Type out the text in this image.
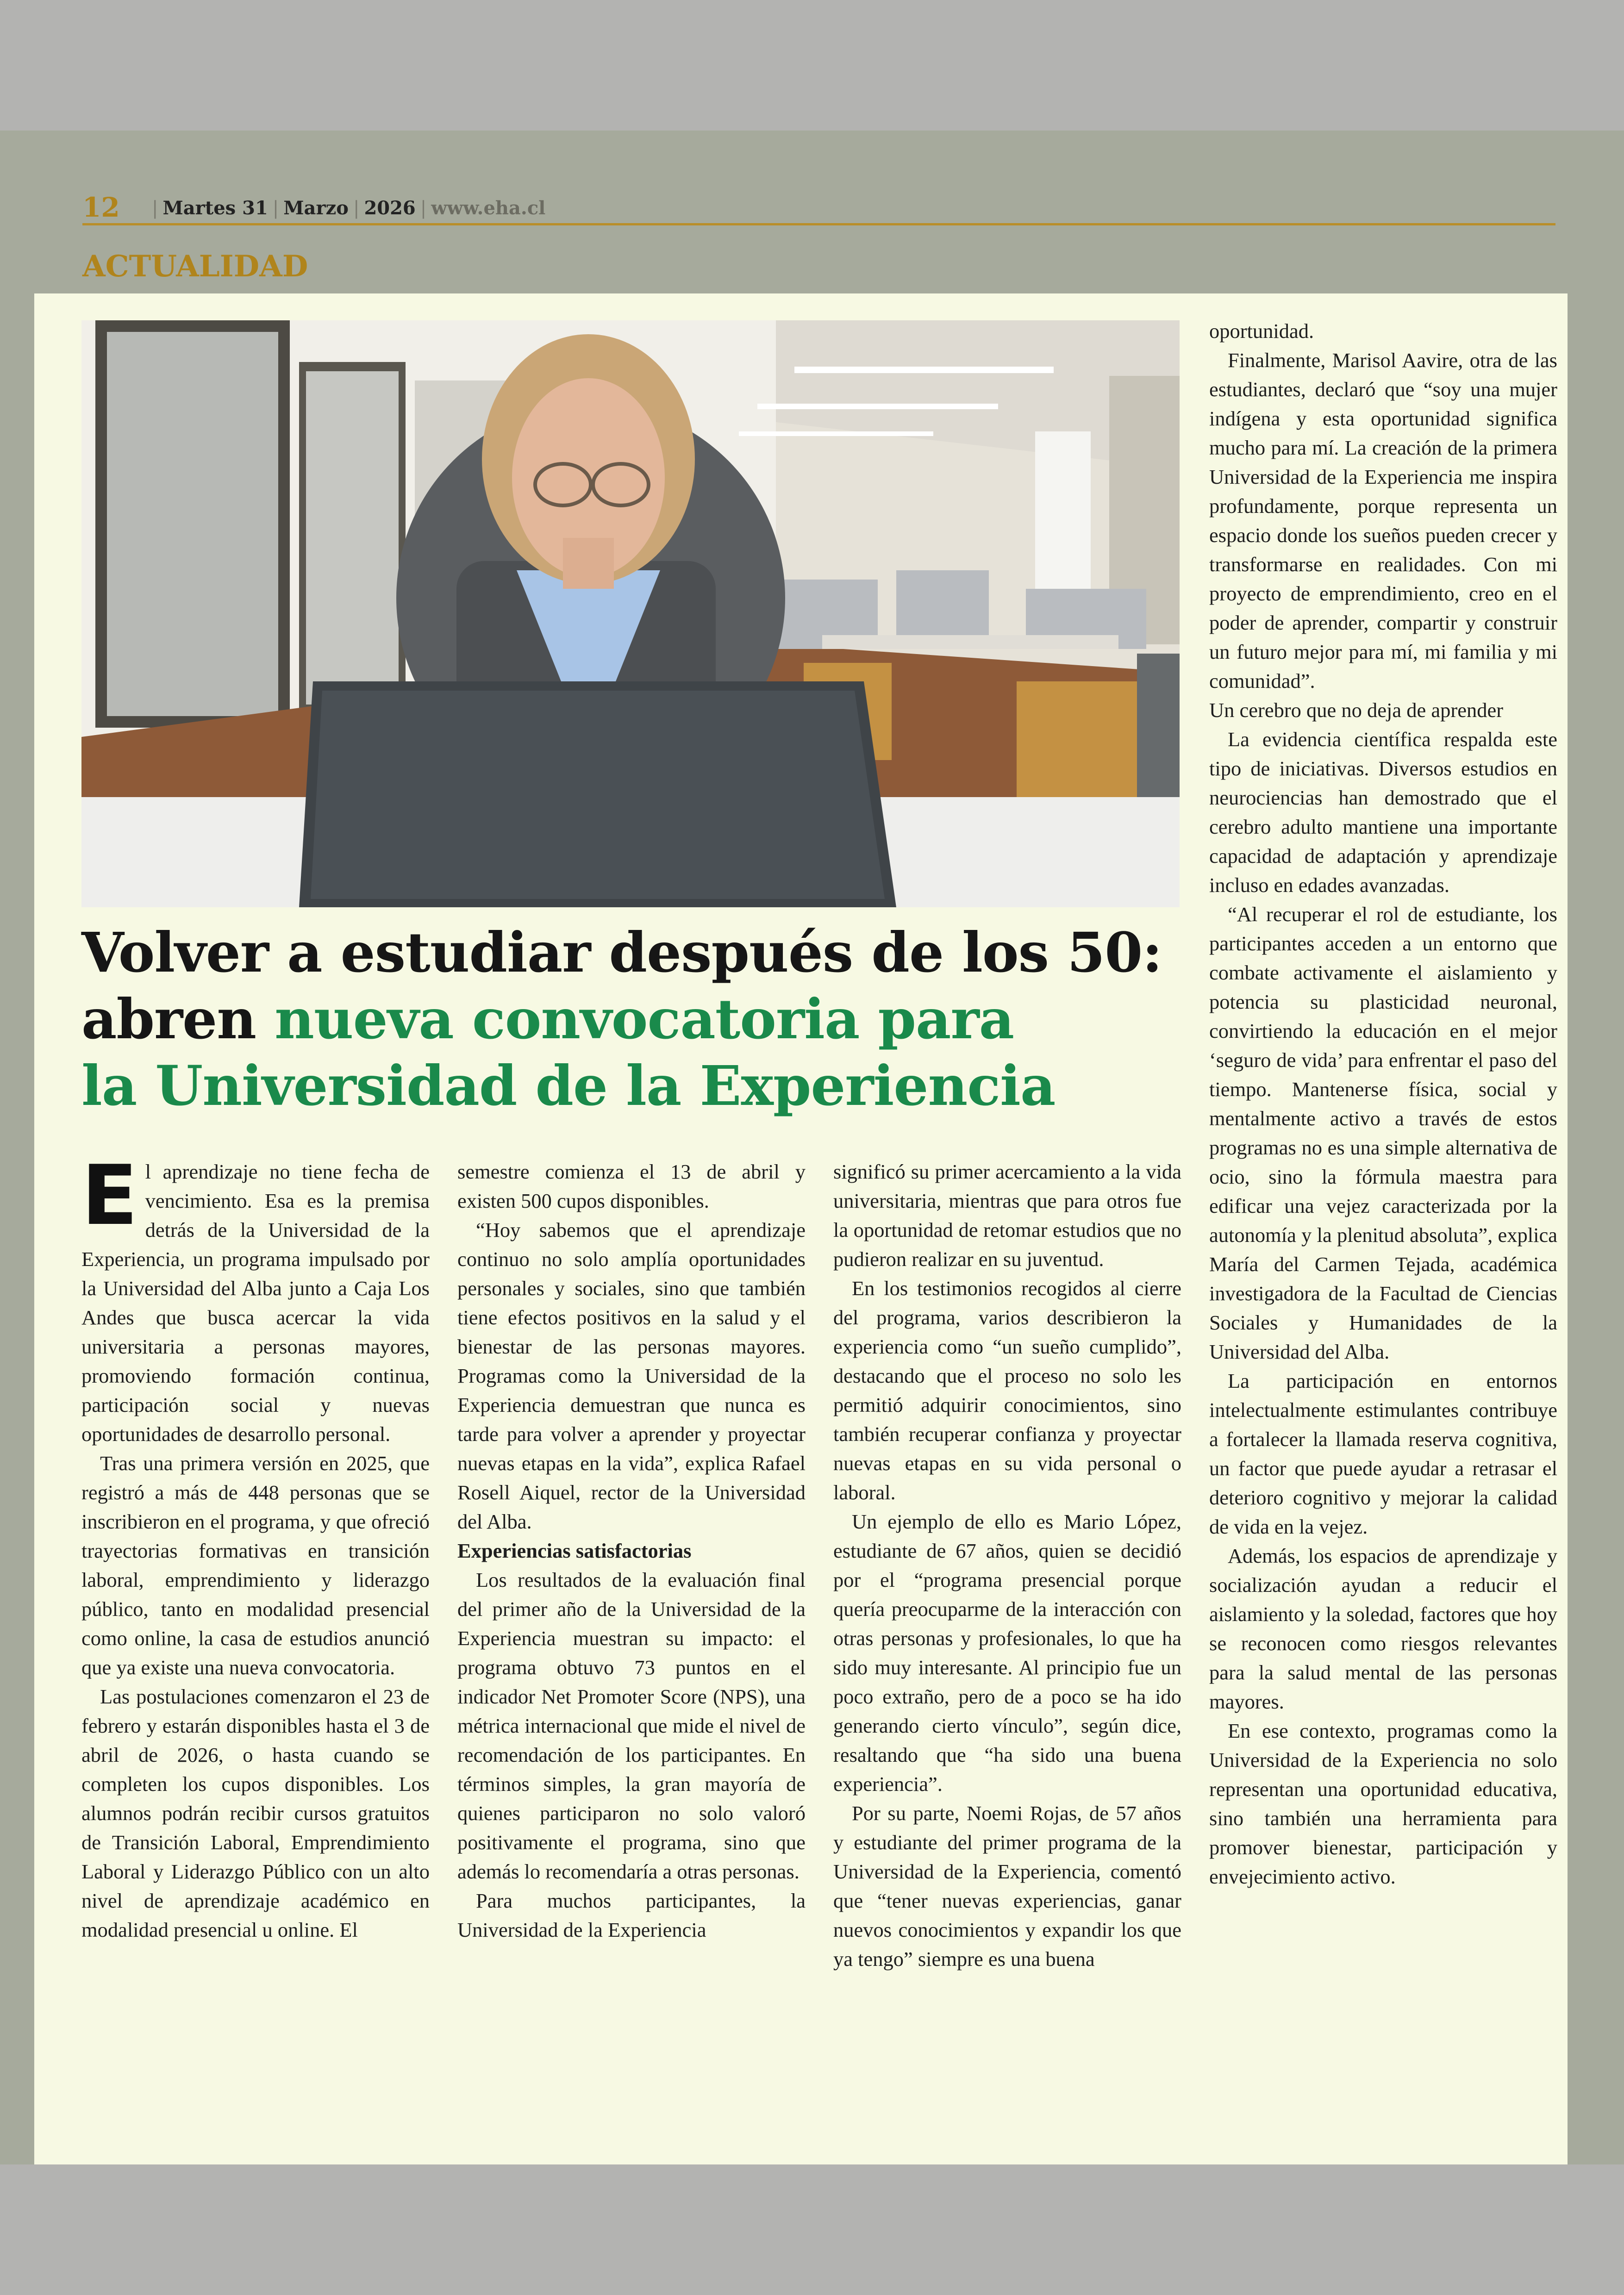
12 | Martes 31 | Marzo | 2026 | www.eha.cl
ACTUALIDAD
Volver a estudiar después de los 50:
abren nueva convocatoria para
la Universidad de la Experiencia

El aprendizaje no tiene fecha de vencimiento. Esa es la premisa detrás de la Universidad de la Experiencia, un programa impulsado por la Universidad del Alba junto a Caja Los Andes que busca acercar la vida universitaria a personas mayores, promoviendo formación continua, participación social y nuevas oportunidades de desarrollo personal.

Tras una primera versión en 2025, que registró a más de 448 personas que se inscribieron en el programa, y que ofreció trayectorias formativas en transición laboral, emprendimiento y liderazgo público, tanto en modalidad presencial como online, la casa de estudios anunció que ya existe una nueva convocatoria.

Las postulaciones comenzaron el 23 de febrero y estarán disponibles hasta el 3 de abril de 2026, o hasta cuando se completen los cupos disponibles. Los alumnos podrán recibir cursos gratuitos de Transición Laboral, Emprendimiento Laboral y Liderazgo Público con un alto nivel de aprendizaje académico en modalidad presencial u online. El

semestre comienza el 13 de abril y existen 500 cupos disponibles.

“Hoy sabemos que el aprendizaje continuo no solo amplía oportunidades personales y sociales, sino que también tiene efectos positivos en la salud y el bienestar de las personas mayores. Programas como la Universidad de la Experiencia demuestran que nunca es tarde para volver a aprender y proyectar nuevas etapas en la vida”, explica Rafael Rosell Aiquel, rector de la Universidad del Alba.

Experiencias satisfactorias

Los resultados de la evaluación final del primer año de la Universidad de la Experiencia muestran su impacto: el programa obtuvo 73 puntos en el indicador Net Promoter Score (NPS), una métrica internacional que mide el nivel de recomendación de los participantes. En términos simples, la gran mayoría de quienes participaron no solo valoró positivamente el programa, sino que además lo recomendaría a otras personas.

Para muchos participantes, la Universidad de la Experiencia

significó su primer acercamiento a la vida universitaria, mientras que para otros fue la oportunidad de retomar estudios que no pudieron realizar en su juventud.

En los testimonios recogidos al cierre del programa, varios describieron la experiencia como “un sueño cumplido”, destacando que el proceso no solo les permitió adquirir conocimientos, sino también recuperar confianza y proyectar nuevas etapas en su vida personal o laboral.

Un ejemplo de ello es Mario López, estudiante de 67 años, quien se decidió por el “programa presencial porque quería preocuparme de la interacción con otras personas y profesionales, lo que ha sido muy interesante. Al principio fue un poco extraño, pero de a poco se ha ido generando cierto vínculo”, según dice, resaltando que “ha sido una buena experiencia”.

Por su parte, Noemi Rojas, de 57 años y estudiante del primer programa de la Universidad de la Experiencia, comentó que “tener nuevas experiencias, ganar nuevos conocimientos y expandir los que ya tengo” siempre es una buena

oportunidad.

Finalmente, Marisol Aavire, otra de las estudiantes, declaró que “soy una mujer indígena y esta oportunidad significa mucho para mí. La creación de la primera Universidad de la Experiencia me inspira profundamente, porque representa un espacio donde los sueños pueden crecer y transformarse en realidades. Con mi proyecto de emprendimiento, creo en el poder de aprender, compartir y construir un futuro mejor para mí, mi familia y mi comunidad”.

Un cerebro que no deja de aprender

La evidencia científica respalda este tipo de iniciativas. Diversos estudios en neurociencias han demostrado que el cerebro adulto mantiene una importante capacidad de adaptación y aprendizaje incluso en edades avanzadas.

“Al recuperar el rol de estudiante, los participantes acceden a un entorno que combate activamente el aislamiento y potencia su plasticidad neuronal, convirtiendo la educación en el mejor ‘seguro de vida’ para enfrentar el paso del tiempo. Mantenerse física, social y mentalmente activo a través de estos programas no es una simple alternativa de ocio, sino la fórmula maestra para edificar una vejez caracterizada por la autonomía y la plenitud absoluta”, explica María del Carmen Tejada, académica investigadora de la Facultad de Ciencias Sociales y Humanidades de la Universidad del Alba.

La participación en entornos intelectualmente estimulantes contribuye a fortalecer la llamada reserva cognitiva, un factor que puede ayudar a retrasar el deterioro cognitivo y mejorar la calidad de vida en la vejez.

Además, los espacios de aprendizaje y socialización ayudan a reducir el aislamiento y la soledad, factores que hoy se reconocen como riesgos relevantes para la salud mental de las personas mayores.

En ese contexto, programas como la Universidad de la Experiencia no solo representan una oportunidad educativa, sino también una herramienta para promover bienestar, participación y envejecimiento activo.
